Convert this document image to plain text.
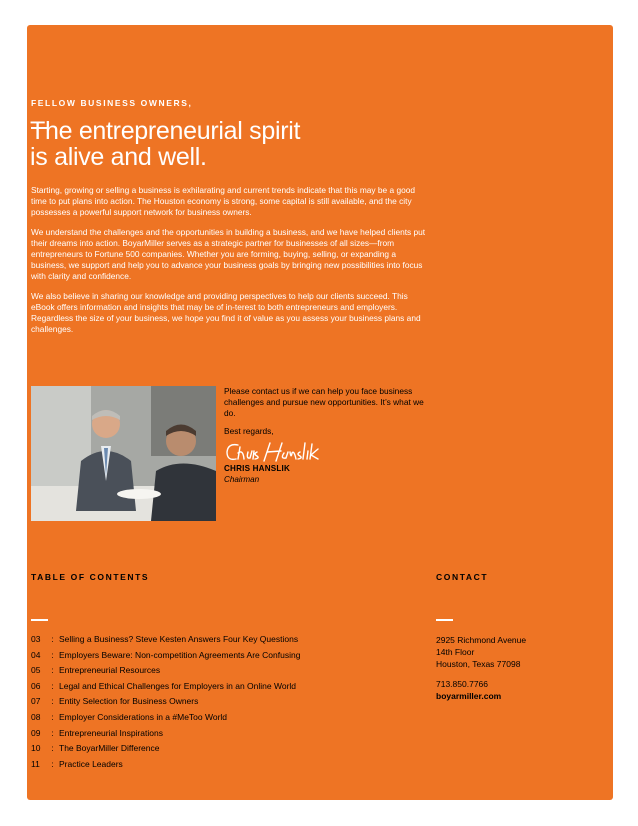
FELLOW BUSINESS OWNERS,
The entrepreneurial spirit
is alive and well.

Starting, growing or selling a business is exhilarating and current trends indicate that this may be a good time to put plans into action. The Houston economy is strong, some capital is still available, and the city possesses a powerful support network for business owners.

We understand the challenges and the opportunities in building a business, and we have helped clients put their dreams into action. BoyarMiller serves as a strategic partner for businesses of all sizes—from entrepreneurs to Fortune 500 companies. Whether you are forming, buying, selling, or expanding a business, we support and help you to advance your business goals by bringing new possibilities into focus with clarity and confidence.

We also believe in sharing our knowledge and providing perspectives to help our clients succeed. This eBook offers information and insights that may be of in-terest to both entrepreneurs and employers. Regardless the size of your business, we hope you find it of value as you assess your business plans and challenges.

Please contact us if we can help you face business challenges and pursue new opportunities. It’s what we do.
Best regards,
CHRIS HANSLIK
Chairman
TABLE OF CONTENTS
03	: Selling a Business? Steve Kesten Answers Four Key Questions
04	: Employers Beware: Non-competition Agreements Are Confusing
05	: Entrepreneurial Resources
06	: Legal and Ethical Challenges for Employers in an Online World
07	: Entity Selection for Business Owners
08	: Employer Considerations in a #MeToo World
09	: Entrepreneurial Inspirations
10	: The BoyarMiller Difference
11	: Practice Leaders
CONTACT
2925 Richmond Avenue
14th Floor
Houston, Texas 77098
713.850.7766
boyarmiller.com
